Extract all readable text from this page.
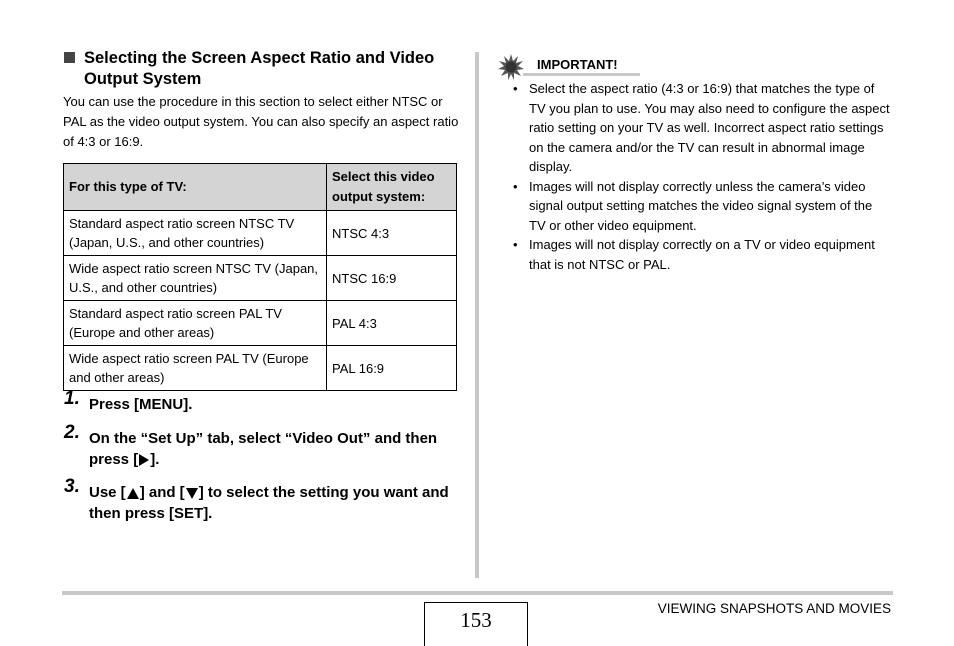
Selecting the Screen Aspect Ratio and Video Output System
You can use the procedure in this section to select either NTSC or PAL as the video output system. You can also specify an aspect ratio of 4:3 or 16:9.
For this type of TV:	Select this video output system:
Standard aspect ratio screen NTSC TV (Japan, U.S., and other countries)	NTSC 4:3
Wide aspect ratio screen NTSC TV (Japan, U.S., and other countries)	NTSC 16:9
Standard aspect ratio screen PAL TV (Europe and other areas)	PAL 4:3
Wide aspect ratio screen PAL TV (Europe and other areas)	PAL 16:9
1. Press [MENU].
2. On the “Set Up” tab, select “Video Out” and then press [ ].
3. Use [ ] and [ ] to select the setting you want and then press [SET].
IMPORTANT!
• Select the aspect ratio (4:3 or 16:9) that matches the type of TV you plan to use. You may also need to configure the aspect ratio setting on your TV as well. Incorrect aspect ratio settings on the camera and/or the TV can result in abnormal image display.
• Images will not display correctly unless the camera’s video signal output setting matches the video signal system of the TV or other video equipment.
• Images will not display correctly on a TV or video equipment that is not NTSC or PAL.
153	VIEWING SNAPSHOTS AND MOVIES
